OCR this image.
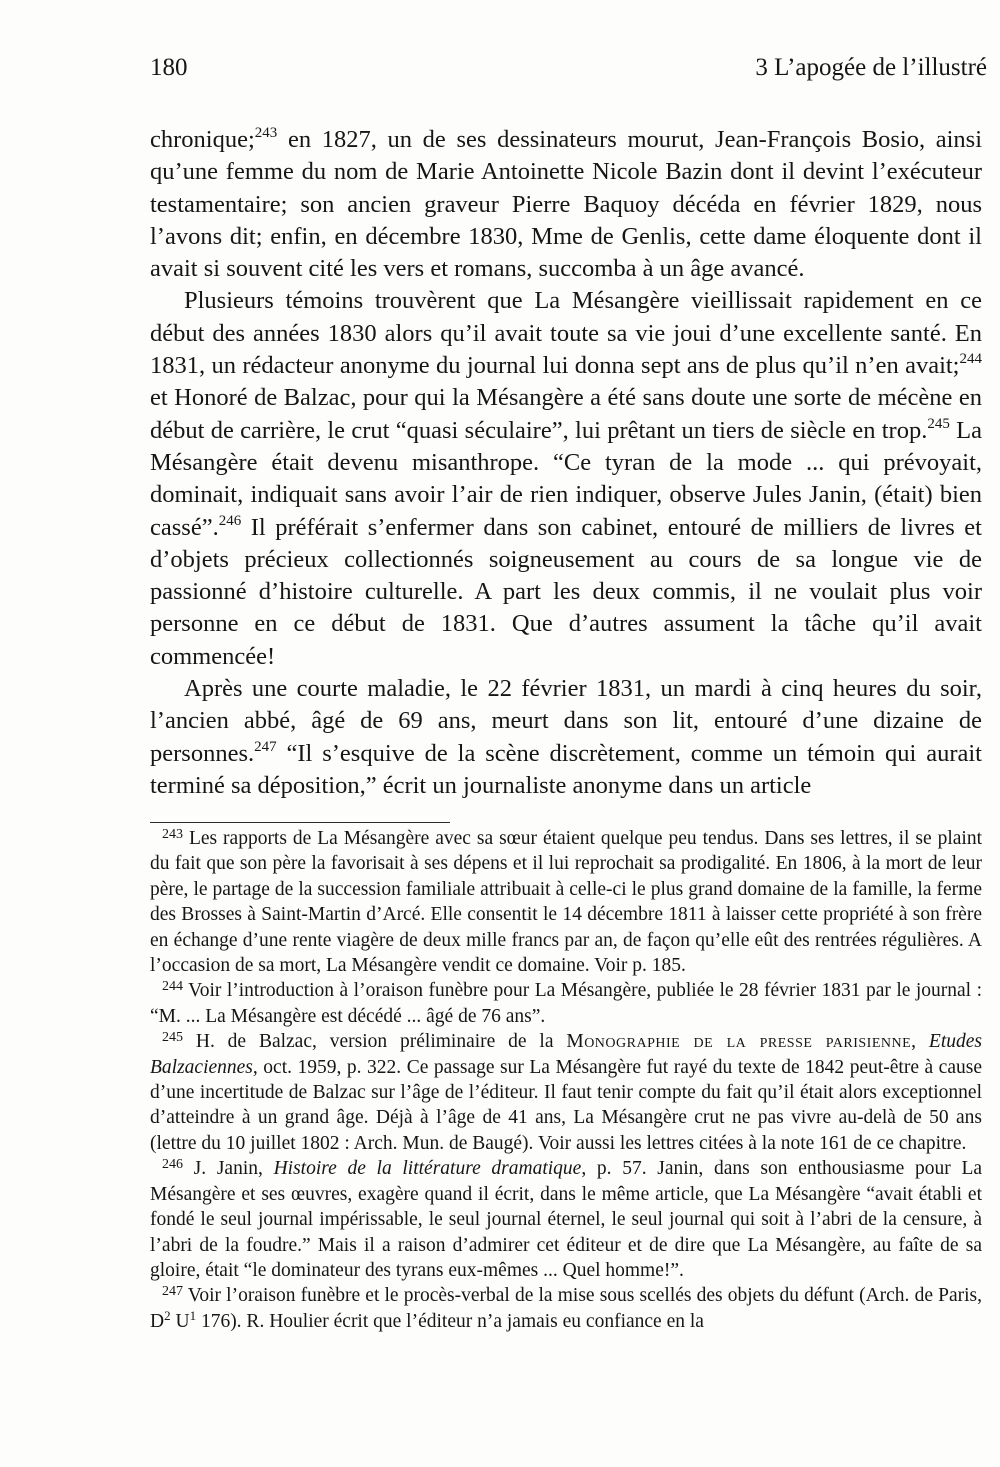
180	3 L’apogée de l’illustré

chronique;$^{243}$ en 1827, un de ses dessinateurs mourut, Jean-François Bosio, ainsi qu’une femme du nom de Marie Antoinette Nicole Bazin dont il devint l’exécuteur testamentaire; son ancien graveur Pierre Baquoy décéda en février 1829, nous l’avons dit; enfin, en décembre 1830, Mme de Genlis, cette dame éloquente dont il avait si souvent cité les vers et romans, succomba à un âge avancé.

Plusieurs témoins trouvèrent que La Mésangère vieillissait rapidement en ce début des années 1830 alors qu’il avait toute sa vie joui d’une excellente santé. En 1831, un rédacteur anonyme du journal lui donna sept ans de plus qu’il n’en avait;$^{244}$ et Honoré de Balzac, pour qui la Mésangère a été sans doute une sorte de mécène en début de carrière, le crut “quasi séculaire”, lui prêtant un tiers de siècle en trop.$^{245}$ La Mésangère était devenu misanthrope. “Ce tyran de la mode ... qui prévoyait, dominait, indiquait sans avoir l’air de rien indiquer, observe Jules Janin, (était) bien cassé”.$^{246}$ Il préférait s’enfermer dans son cabinet, entouré de milliers de livres et d’objets précieux collectionnés soigneusement au cours de sa longue vie de passionné d’histoire culturelle. A part les deux commis, il ne voulait plus voir personne en ce début de 1831. Que d’autres assument la tâche qu’il avait commencée!

Après une courte maladie, le 22 février 1831, un mardi à cinq heures du soir, l’ancien abbé, âgé de 69 ans, meurt dans son lit, entouré d’une dizaine de personnes.$^{247}$ “Il s’esquive de la scène discrètement, comme un témoin qui aurait terminé sa déposition,” écrit un journaliste anonyme dans un article

$^{243}$ Les rapports de La Mésangère avec sa sœur étaient quelque peu tendus. Dans ses lettres, il se plaint du fait que son père la favorisait à ses dépens et il lui reprochait sa prodigalité. En 1806, à la mort de leur père, le partage de la succession familiale attribuait à celle-ci le plus grand domaine de la famille, la ferme des Brosses à Saint-Martin d’Arcé. Elle consentit le 14 décembre 1811 à laisser cette propriété à son frère en échange d’une rente viagère de deux mille francs par an, de façon qu’elle eût des rentrées régulières. A l’occasion de sa mort, La Mésangère vendit ce domaine. Voir p. 185.

$^{244}$ Voir l’introduction à l’oraison funèbre pour La Mésangère, publiée le 28 février 1831 par le journal : “M. ... La Mésangère est décédé ... âgé de 76 ans”.

$^{245}$ H. de Balzac, version préliminaire de la Monographie de la presse parisienne, Etudes Balzaciennes, oct. 1959, p. 322. Ce passage sur La Mésangère fut rayé du texte de 1842 peut-être à cause d’une incertitude de Balzac sur l’âge de l’éditeur. Il faut tenir compte du fait qu’il était alors exceptionnel d’atteindre à un grand âge. Déjà à l’âge de 41 ans, La Mésangère crut ne pas vivre au-delà de 50 ans (lettre du 10 juillet 1802 : Arch. Mun. de Baugé). Voir aussi les lettres citées à la note 161 de ce chapitre.

$^{246}$ J. Janin, Histoire de la littérature dramatique, p. 57. Janin, dans son enthousiasme pour La Mésangère et ses œuvres, exagère quand il écrit, dans le même article, que La Mésangère “avait établi et fondé le seul journal impérissable, le seul journal éternel, le seul journal qui soit à l’abri de la censure, à l’abri de la foudre.” Mais il a raison d’admirer cet éditeur et de dire que La Mésangère, au faîte de sa gloire, était “le dominateur des tyrans eux-mêmes ... Quel homme!”.

$^{247}$ Voir l’oraison funèbre et le procès-verbal de la mise sous scellés des objets du défunt (Arch. de Paris, $D^2$ $U^1$ 176). R. Houlier écrit que l’éditeur n’a jamais eu confiance en la
